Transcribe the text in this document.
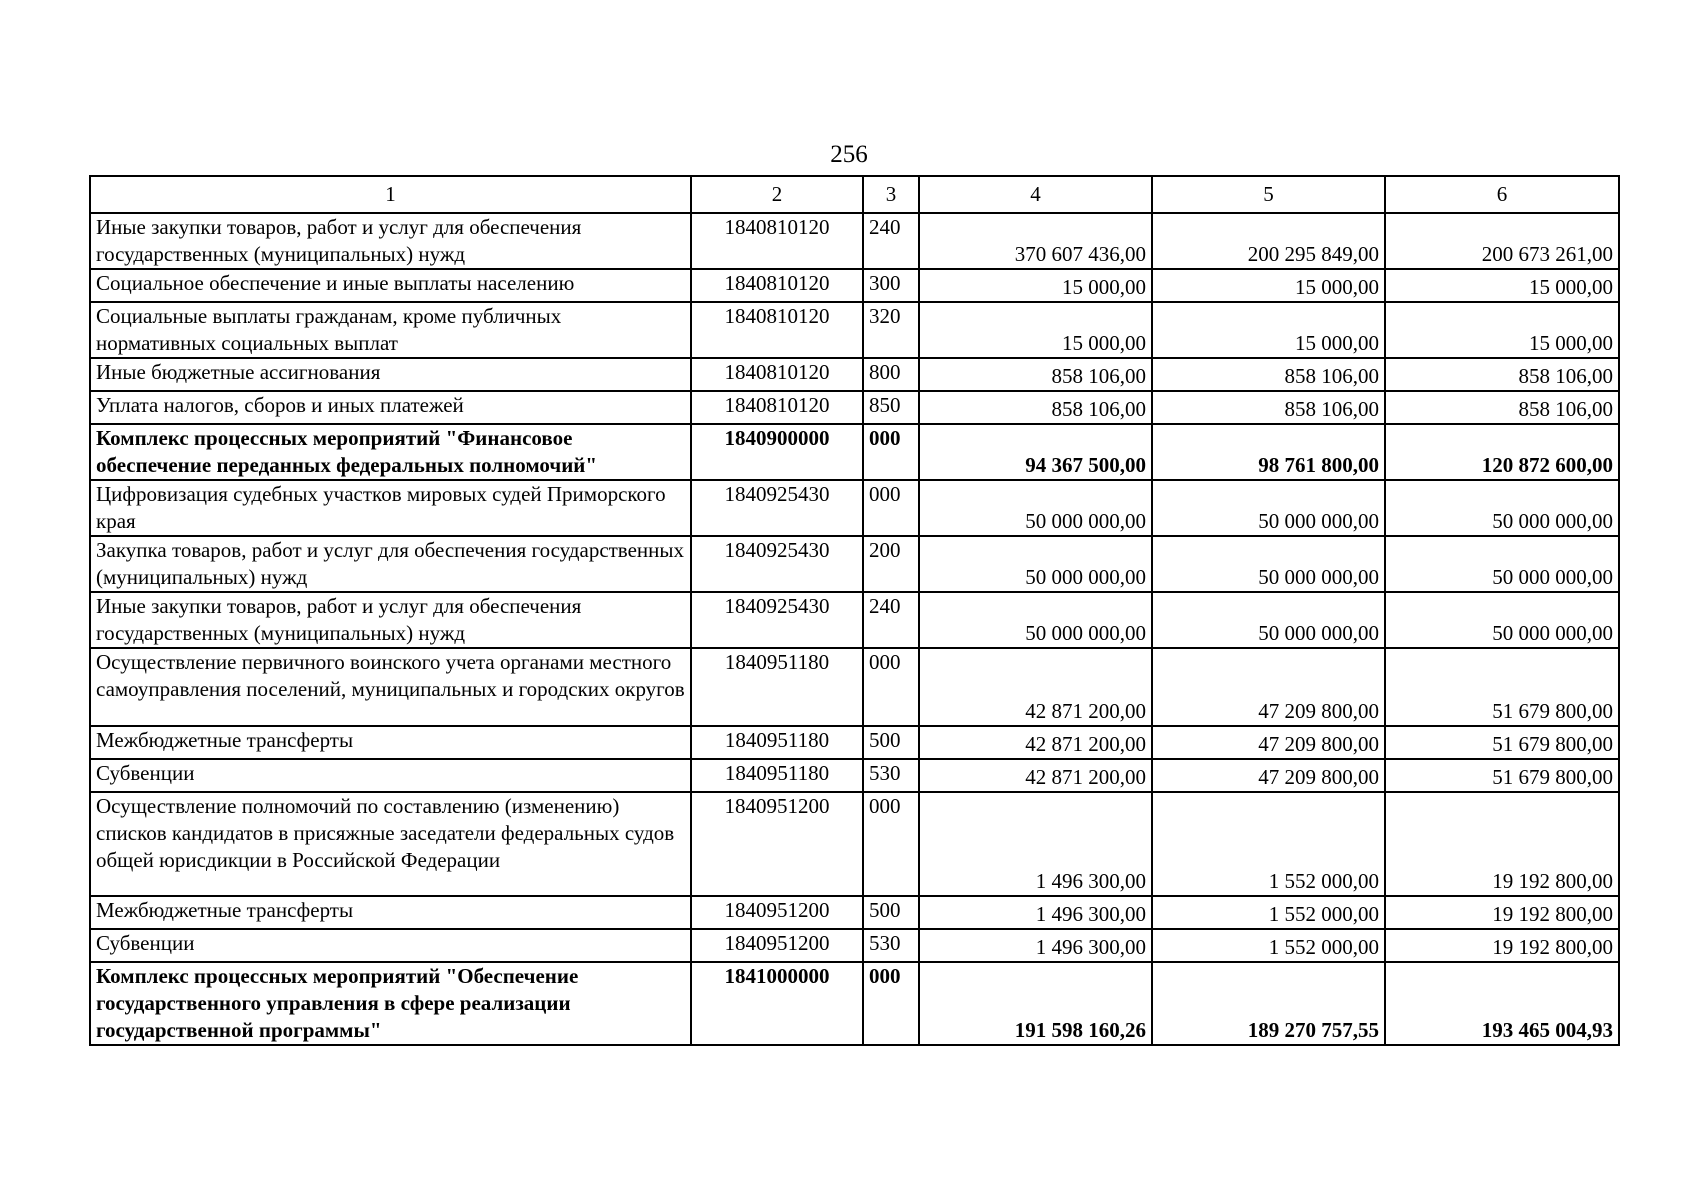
256
1	2	3	4	5	6
Иные закупки товаров, работ и услуг для обеспечения государственных (муниципальных) нужд	1840810120	240	370 607 436,00	200 295 849,00	200 673 261,00
Социальное обеспечение и иные выплаты населению	1840810120	300	15 000,00	15 000,00	15 000,00
Социальные выплаты гражданам, кроме публичных нормативных социальных выплат	1840810120	320	15 000,00	15 000,00	15 000,00
Иные бюджетные ассигнования	1840810120	800	858 106,00	858 106,00	858 106,00
Уплата налогов, сборов и иных платежей	1840810120	850	858 106,00	858 106,00	858 106,00
Комплекс процессных мероприятий "Финансовое обеспечение переданных федеральных полномочий"	1840900000	000	94 367 500,00	98 761 800,00	120 872 600,00
Цифровизация судебных участков мировых судей Приморского края	1840925430	000	50 000 000,00	50 000 000,00	50 000 000,00
Закупка товаров, работ и услуг для обеспечения государственных (муниципальных) нужд	1840925430	200	50 000 000,00	50 000 000,00	50 000 000,00
Иные закупки товаров, работ и услуг для обеспечения государственных (муниципальных) нужд	1840925430	240	50 000 000,00	50 000 000,00	50 000 000,00
Осуществление первичного воинского учета органами местного самоуправления поселений, муниципальных и городских округов	1840951180	000	42 871 200,00	47 209 800,00	51 679 800,00
Межбюджетные трансферты	1840951180	500	42 871 200,00	47 209 800,00	51 679 800,00
Субвенции	1840951180	530	42 871 200,00	47 209 800,00	51 679 800,00
Осуществление полномочий по составлению (изменению) списков кандидатов в присяжные заседатели федеральных судов общей юрисдикции в Российской Федерации	1840951200	000	1 496 300,00	1 552 000,00	19 192 800,00
Межбюджетные трансферты	1840951200	500	1 496 300,00	1 552 000,00	19 192 800,00
Субвенции	1840951200	530	1 496 300,00	1 552 000,00	19 192 800,00
Комплекс процессных мероприятий "Обеспечение государственного управления в сфере реализации государственной программы"	1841000000	000	191 598 160,26	189 270 757,55	193 465 004,93
